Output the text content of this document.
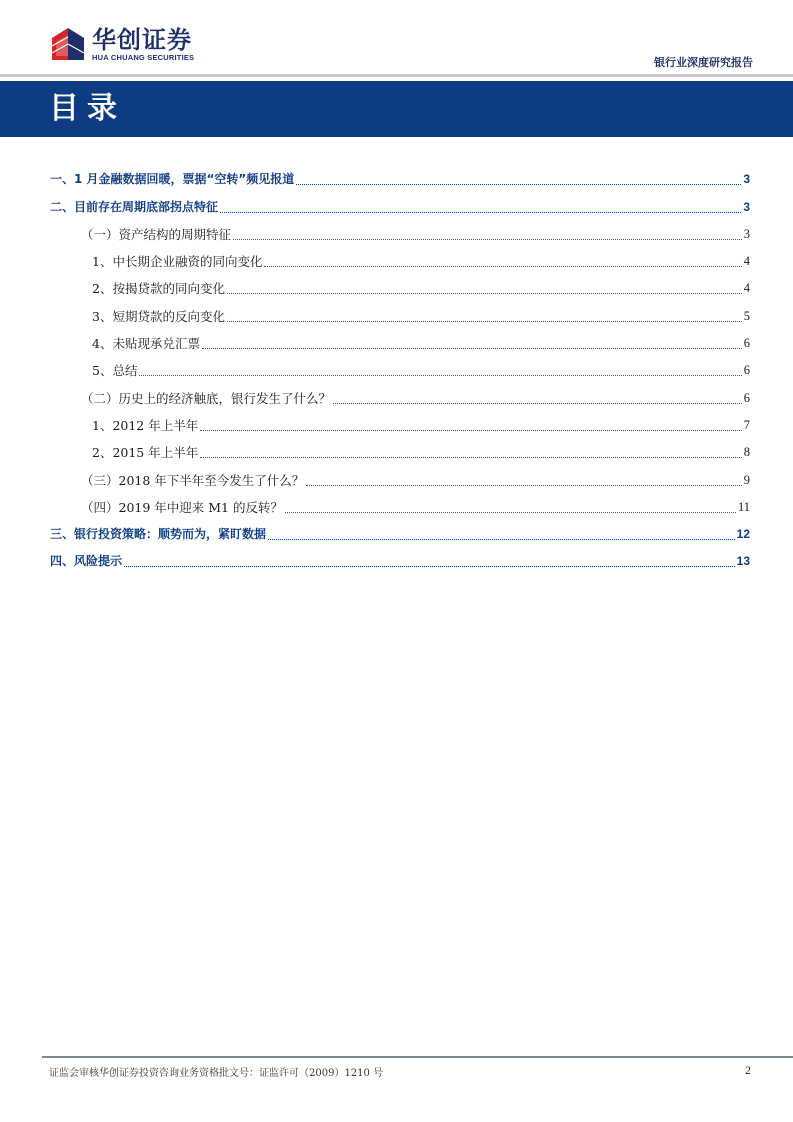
华创证券
HUA CHUANG SECURITIES	银行业深度研究报告
目录
一、1 月金融数据回暖，票据“空转”频见报道	3
二、目前存在周期底部拐点特征	3
（一）资产结构的周期特征	3
1、中长期企业融资的同向变化	4
2、按揭贷款的同向变化	4
3、短期贷款的反向变化	5
4、未贴现承兑汇票	6
5、总结	6
（二）历史上的经济触底，银行发生了什么？	6
1、2012 年上半年	7
2、2015 年上半年	8
（三）2018 年下半年至今发生了什么？	9
（四）2019 年中迎来 M1 的反转？	11
三、银行投资策略：顺势而为，紧盯数据	12
四、风险提示	13
证监会审核华创证券投资咨询业务资格批文号：证监许可（2009）1210 号	2
